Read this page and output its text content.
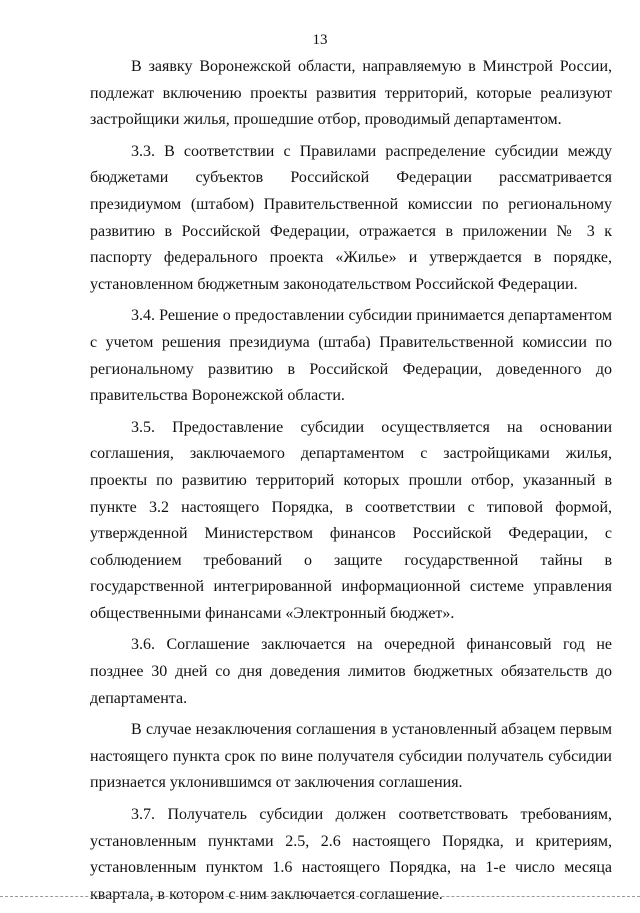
13

В заявку Воронежской области, направляемую в Минстрой России, подлежат включению проекты развития территорий, которые реализуют застройщики жилья, прошедшие отбор, проводимый департаментом.

3.3. В соответствии с Правилами распределение субсидии между бюджетами субъектов Российской Федерации рассматривается президиумом (штабом) Правительственной комиссии по региональному развитию в Российской Федерации, отражается в приложении № 3 к паспорту федерального проекта «Жилье» и утверждается в порядке, установленном бюджетным законодательством Российской Федерации.

3.4. Решение о предоставлении субсидии принимается департаментом с учетом решения президиума (штаба) Правительственной комиссии по региональному развитию в Российской Федерации, доведенного до правительства Воронежской области.

3.5. Предоставление субсидии осуществляется на основании соглашения, заключаемого департаментом с застройщиками жилья, проекты по развитию территорий которых прошли отбор, указанный в пункте 3.2 настоящего Порядка, в соответствии с типовой формой, утвержденной Министерством финансов Российской Федерации, с соблюдением требований о защите государственной тайны в государственной интегрированной информационной системе управления общественными финансами «Электронный бюджет».

3.6. Соглашение заключается на очередной финансовый год не позднее 30 дней со дня доведения лимитов бюджетных обязательств до департамента.

В случае незаключения соглашения в установленный абзацем первым настоящего пункта срок по вине получателя субсидии получатель субсидии признается уклонившимся от заключения соглашения.

3.7. Получатель субсидии должен соответствовать требованиям, установленным пунктами 2.5, 2.6 настоящего Порядка, и критериям, установленным пунктом 1.6 настоящего Порядка, на 1-е число месяца квартала, в котором с ним заключается соглашение.
